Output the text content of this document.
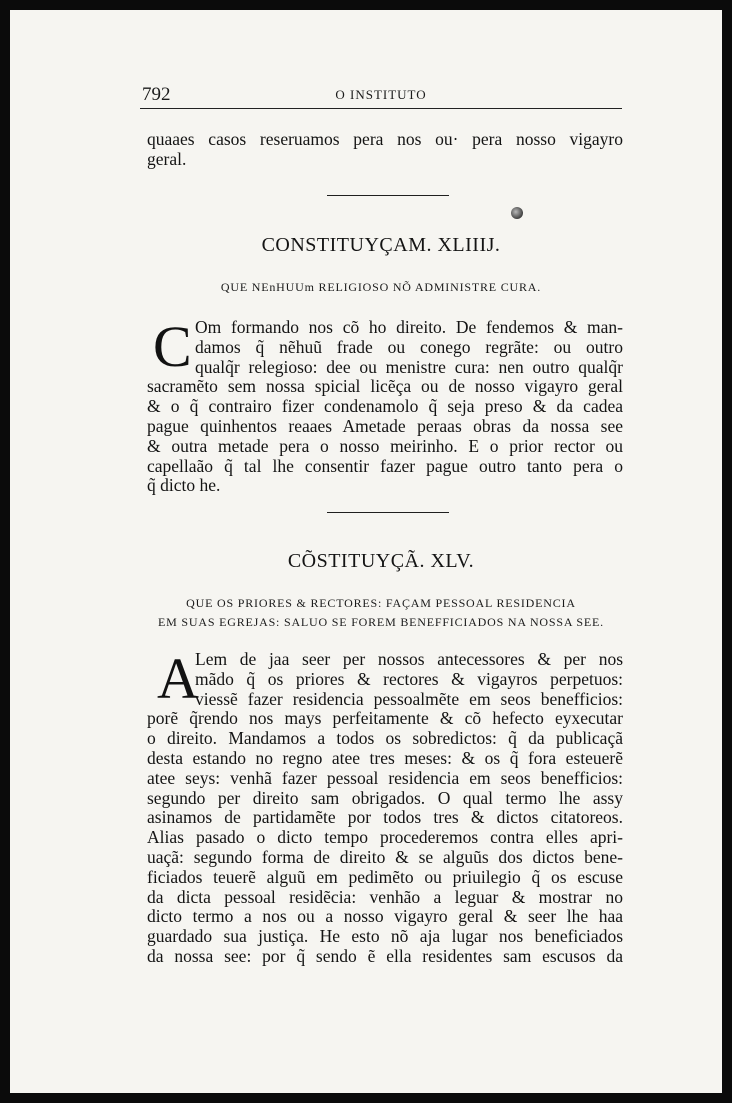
792	O INSTITUTO
quaaes casos reseruamos pera nos ou· pera nosso vigayro
geral.
CONSTITUYÇAM. XLIIIJ.
QUE NEnHUUm RELIGIOSO NÕ ADMINISTRE CURA.
C Om formando nos cõ ho direito. De fendemos & man-
damos q̃ nẽhuũ frade ou conego regrãte: ou outro
qualq̃r relegioso: dee ou menistre cura: nen outro qualq̃r
sacramẽto sem nossa spicial licẽça ou de nosso vigayro geral
& o q̃ contrairo fizer condenamolo q̃ seja preso & da cadea
pague quinhentos reaaes Ametade peraas obras da nossa see
& outra metade pera o nosso meirinho. E o prior rector ou
capellaão q̃ tal lhe consentir fazer pague outro tanto pera o
q̃ dicto he.
CÕSTITUYÇÃ. XLV.
QUE OS PRIORES & RECTORES: FAÇAM PESSOAL RESIDENCIA
EM SUAS EGREJAS: SALUO SE FOREM BENEFFICIADOS NA NOSSA SEE.
A
Lem de jaa seer per nossos antecessores & per nos
mãdo q̃ os priores & rectores & vigayros perpetuos:
viessẽ fazer residencia pessoalmẽte em seos benefficios:
porẽ q̃rendo nos mays perfeitamente & cõ hefecto eyxecutar
o direito. Mandamos a todos os sobredictos: q̃ da publicaçã
desta estando no regno atee tres meses: & os q̃ fora esteuerẽ
atee seys: venhã fazer pessoal residencia em seos benefficios:
segundo per direito sam obrigados. O qual termo lhe assy
asinamos de partidamẽte por todos tres & dictos citatoreos.
Alias pasado o dicto tempo procederemos contra elles apri-
uaçã: segundo forma de direito & se alguũs dos dictos bene-
ficiados teuerẽ alguũ em pedimẽto ou priuilegio q̃ os escuse
da dicta pessoal residẽcia: venhão a leguar & mostrar no
dicto termo a nos ou a nosso vigayro geral & seer lhe haa
guardado sua justiça. He esto nõ aja lugar nos beneficiados
da nossa see: por q̃ sendo ẽ ella residentes sam escusos da
